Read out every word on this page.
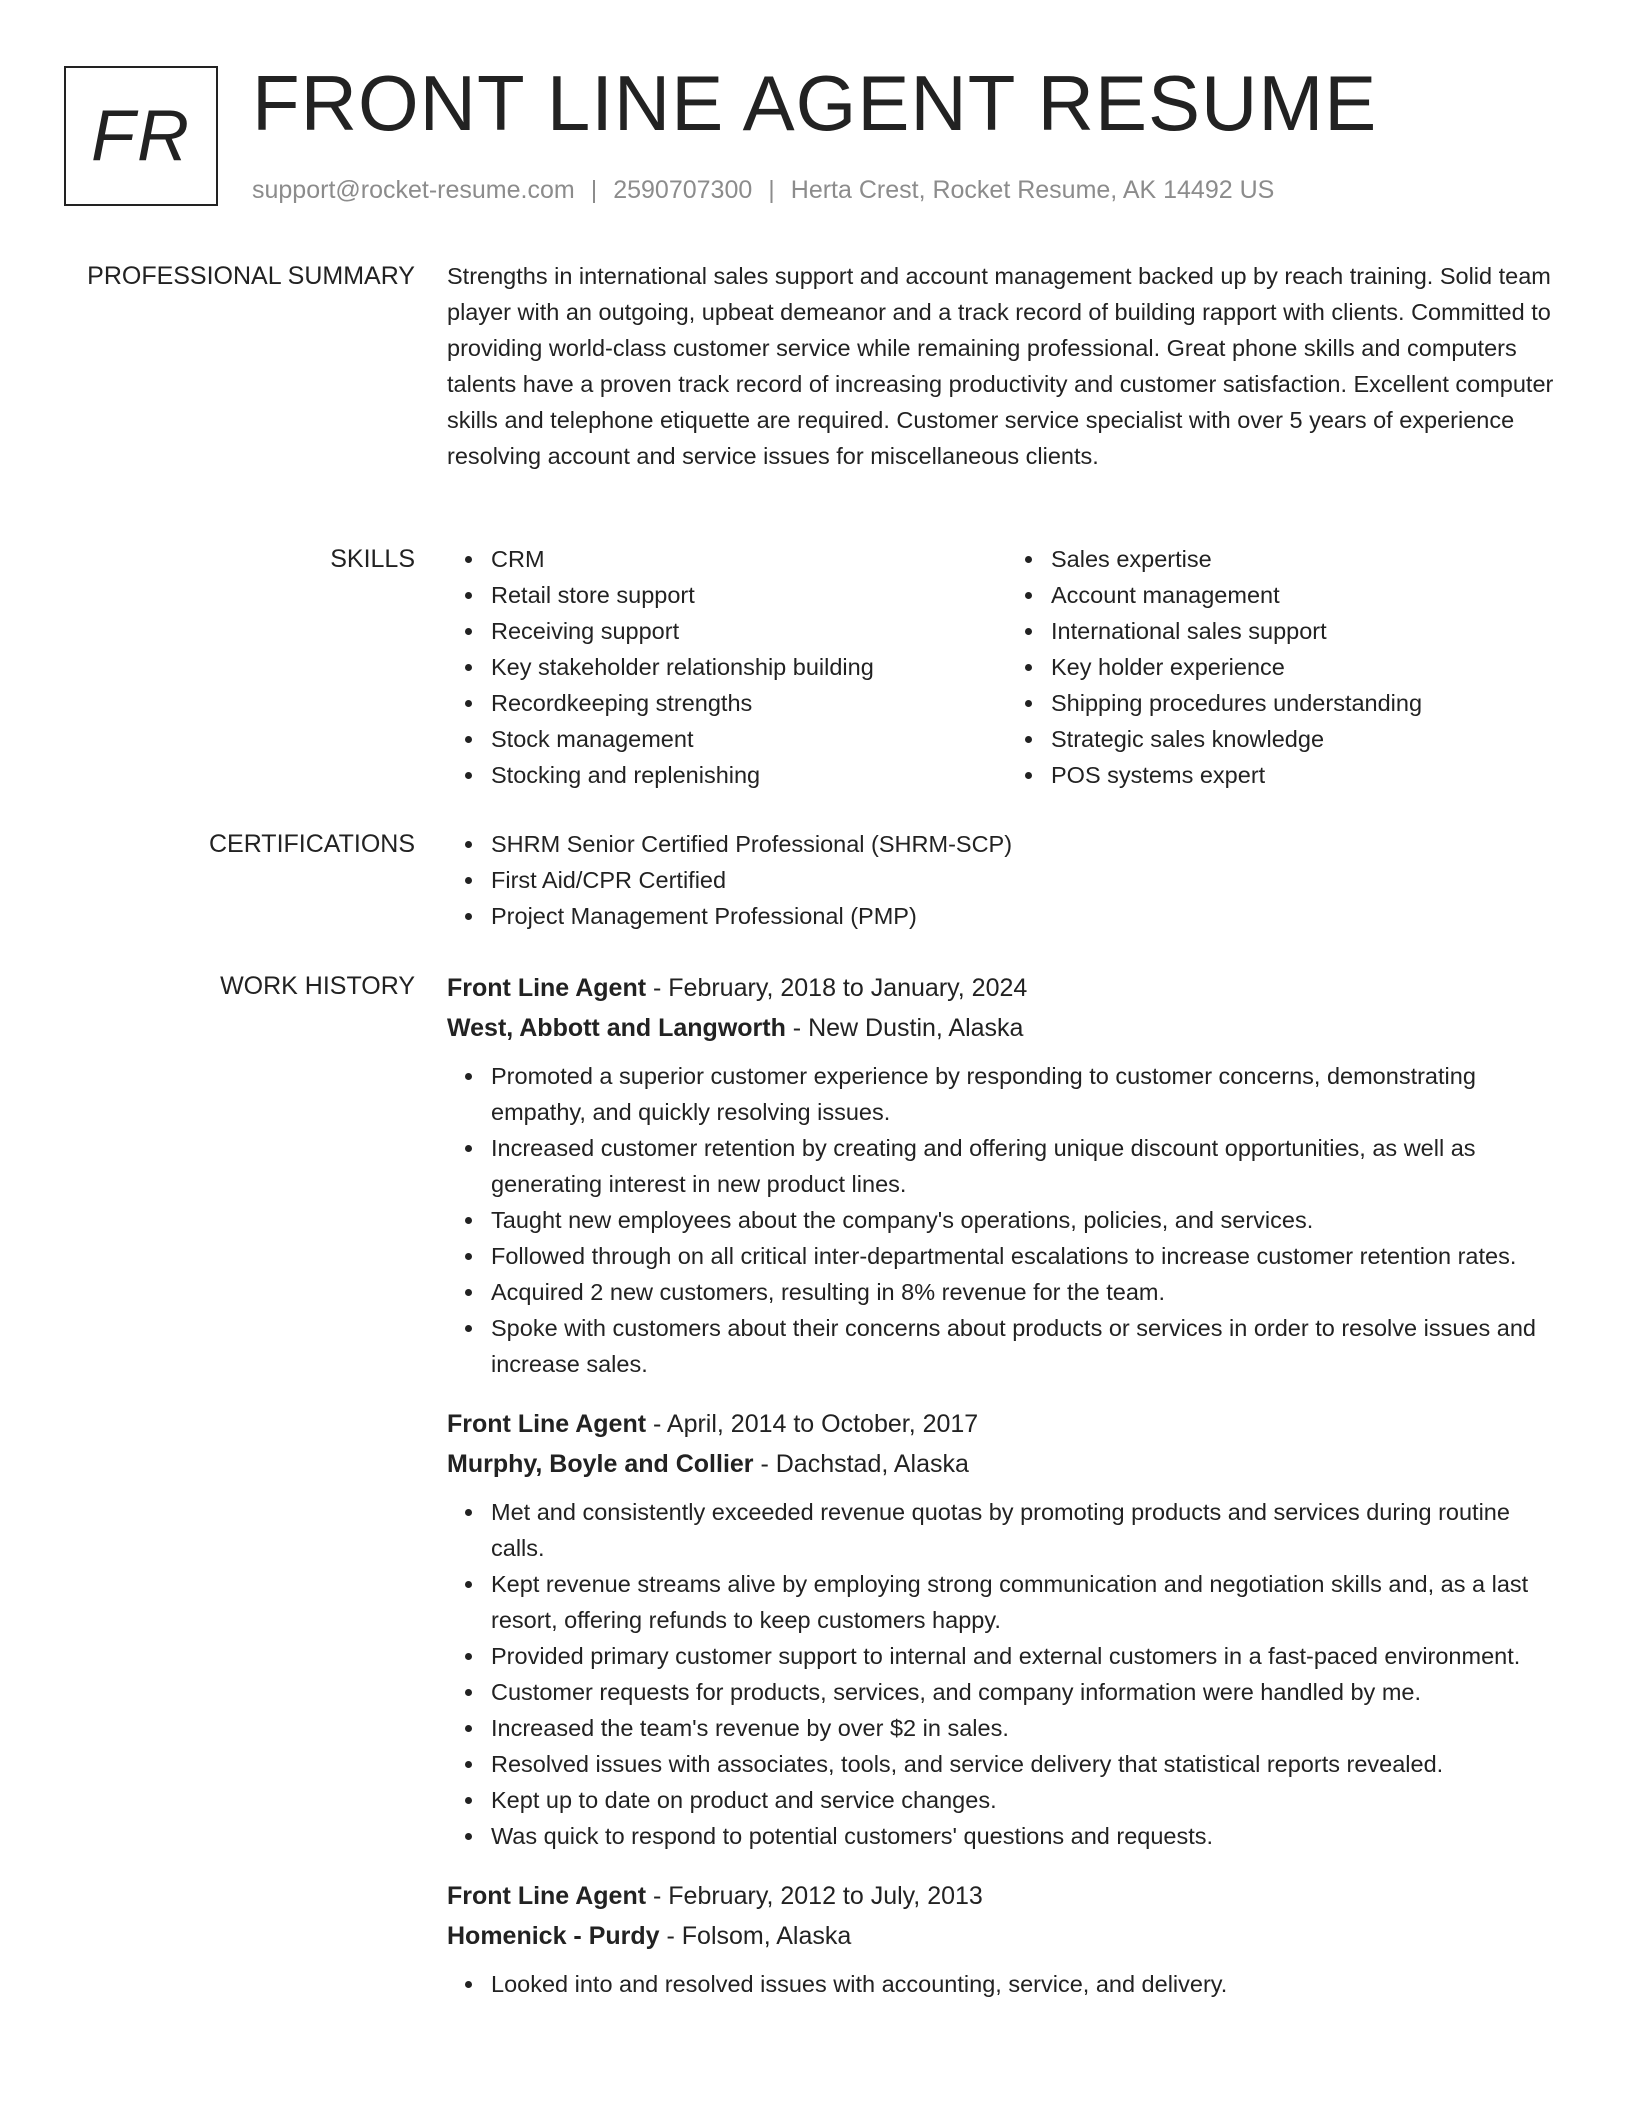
FR FRONT LINE AGENT RESUME
support@rocket-resume.com | 2590707300 | Herta Crest, Rocket Resume, AK 14492 US
PROFESSIONAL SUMMARY Strengths in international sales support and account management backed up by reach training. Solid team player with an outgoing, upbeat demeanor and a track record of building rapport with clients. Committed to providing world-class customer service while remaining professional. Great phone skills and computers talents have a proven track record of increasing productivity and customer satisfaction. Excellent computer skills and telephone etiquette are required. Customer service specialist with over 5 years of experience resolving account and service issues for miscellaneous clients.

SKILLS	CRM
Retail store support
Receiving support
Key stakeholder relationship building
Recordkeeping strengths
Stock management
Stocking and replenishing
Sales expertise
Account management
International sales support
Key holder experience
Shipping procedures understanding
Strategic sales knowledge
POS systems expert
CERTIFICATIONS	SHRM Senior Certified Professional (SHRM-SCP)
First Aid/CPR Certified
Project Management Professional (PMP)
WORK HISTORY Front Line Agent - February, 2018 to January, 2024
West, Abbott and Langworth - New Dustin, Alaska
Promoted a superior customer experience by responding to customer concerns, demonstrating empathy, and quickly resolving issues.
Increased customer retention by creating and offering unique discount opportunities, as well as generating interest in new product lines.
Taught new employees about the company's operations, policies, and services.
Followed through on all critical inter-departmental escalations to increase customer retention rates.
Acquired 2 new customers, resulting in 8% revenue for the team.
Spoke with customers about their concerns about products or services in order to resolve issues and increase sales.
Front Line Agent - April, 2014 to October, 2017
Murphy, Boyle and Collier - Dachstad, Alaska
Met and consistently exceeded revenue quotas by promoting products and services during routine calls.
Kept revenue streams alive by employing strong communication and negotiation skills and, as a last resort, offering refunds to keep customers happy.
Provided primary customer support to internal and external customers in a fast-paced environment.
Customer requests for products, services, and company information were handled by me.
Increased the team's revenue by over $2 in sales.
Resolved issues with associates, tools, and service delivery that statistical reports revealed.
Kept up to date on product and service changes.
Was quick to respond to potential customers' questions and requests.
Front Line Agent - February, 2012 to July, 2013
Homenick - Purdy - Folsom, Alaska
Looked into and resolved issues with accounting, service, and delivery.
